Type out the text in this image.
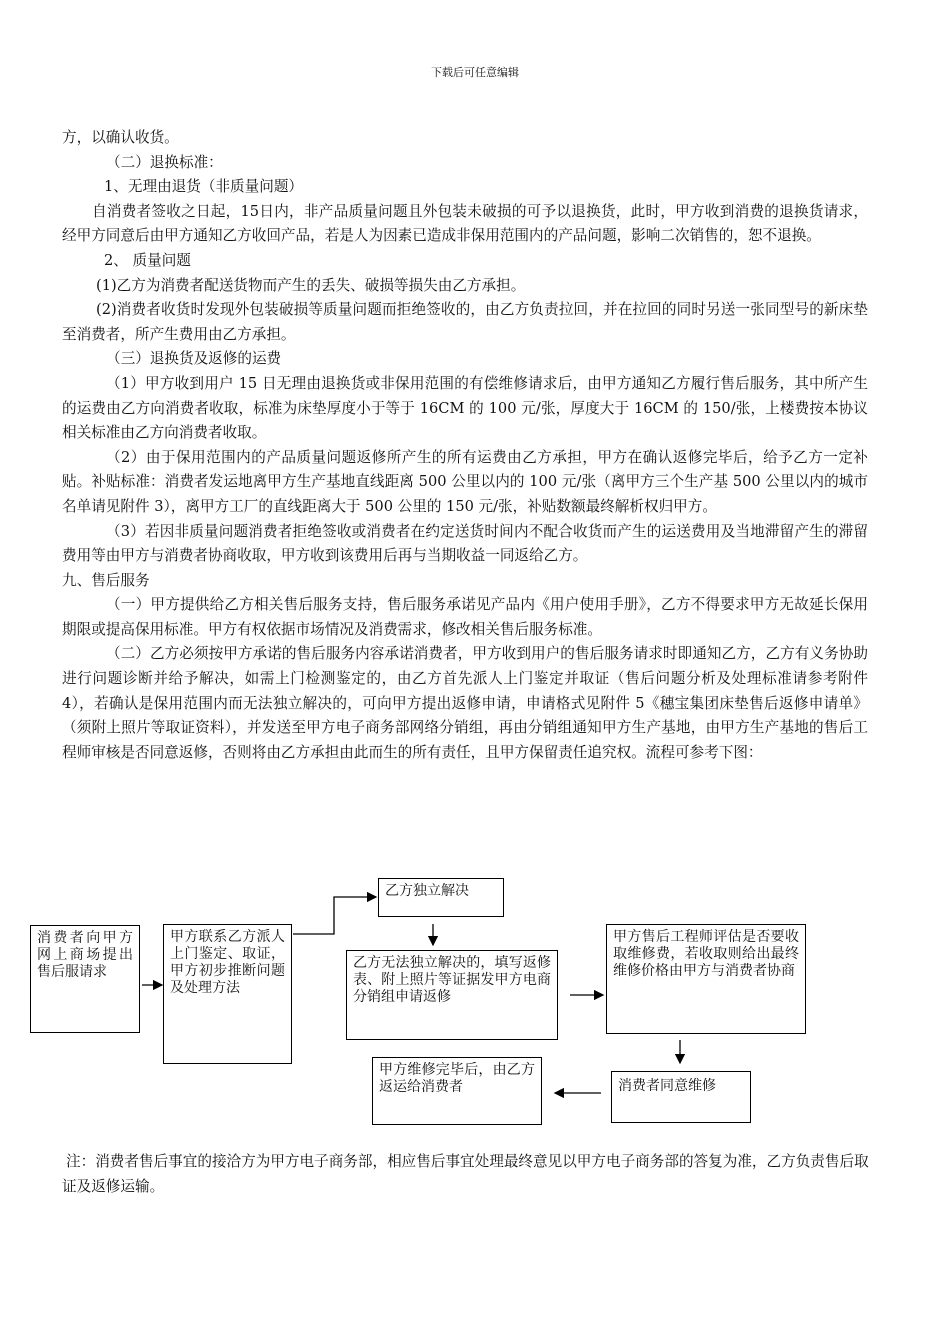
下载后可任意编辑

方，以确认收货。

（二）退换标准：

1、无理由退货（非质量问题）

自消费者签收之日起，15日内，非产品质量问题且外包装未破损的可予以退换货，此时，甲方收到消费的退换货请求，经甲方同意后由甲方通知乙方收回产品，若是人为因素已造成非保用范围内的产品问题，影响二次销售的，恕不退换。

2、 质量问题

(1)乙方为消费者配送货物而产生的丢失、破损等损失由乙方承担。

(2)消费者收货时发现外包装破损等质量问题而拒绝签收的，由乙方负责拉回，并在拉回的同时另送一张同型号的新床垫至消费者，所产生费用由乙方承担。

（三）退换货及返修的运费

（1）甲方收到用户 15 日无理由退换货或非保用范围的有偿维修请求后，由甲方通知乙方履行售后服务，其中所产生的运费由乙方向消费者收取，标准为床垫厚度小于等于 16CM 的 100 元/张，厚度大于 16CM 的 150/张，上楼费按本协议相关标准由乙方向消费者收取。

（2）由于保用范围内的产品质量问题返修所产生的所有运费由乙方承担，甲方在确认返修完毕后，给予乙方一定补贴。补贴标准：消费者发运地离甲方生产基地直线距离 500 公里以内的 100 元/张（离甲方三个生产基 500 公里以内的城市名单请见附件 3），离甲方工厂的直线距离大于 500 公里的 150 元/张，补贴数额最终解析权归甲方。

（3）若因非质量问题消费者拒绝签收或消费者在约定送货时间内不配合收货而产生的运送费用及当地滞留产生的滞留费用等由甲方与消费者协商收取，甲方收到该费用后再与当期收益一同返给乙方。

九、售后服务

（一）甲方提供给乙方相关售后服务支持，售后服务承诺见产品内《用户使用手册》，乙方不得要求甲方无故延长保用期限或提高保用标准。甲方有权依据市场情况及消费需求，修改相关售后服务标准。

（二）乙方必须按甲方承诺的售后服务内容承诺消费者，甲方收到用户的售后服务请求时即通知乙方，乙方有义务协助进行问题诊断并给予解决，如需上门检测鉴定的，由乙方首先派人上门鉴定并取证（售后问题分析及处理标准请参考附件 4），若确认是保用范围内而无法独立解决的，可向甲方提出返修申请，申请格式见附件 5《穗宝集团床垫售后返修申请单》（须附上照片等取证资料），并发送至甲方电子商务部网络分销组，再由分销组通知甲方生产基地，由甲方生产基地的售后工程师审核是否同意返修，否则将由乙方承担由此而生的所有责任，且甲方保留责任追究权。流程可参考下图：

消费者向甲方网上商场提出售后服请求
甲方联系乙方派人上门鉴定、取证，甲方初步推断问题及处理方法
乙方独立解决
乙方无法独立解决的，填写返修表、附上照片等证据发甲方电商分销组申请返修
甲方售后工程师评估是否要收取维修费，若收取则给出最终维修价格由甲方与消费者协商
消费者同意维修
甲方维修完毕后，由乙方返运给消费者

注：消费者售后事宜的接洽方为甲方电子商务部，相应售后事宜处理最终意见以甲方电子商务部的答复为准，乙方负责售后取证及返修运输。
